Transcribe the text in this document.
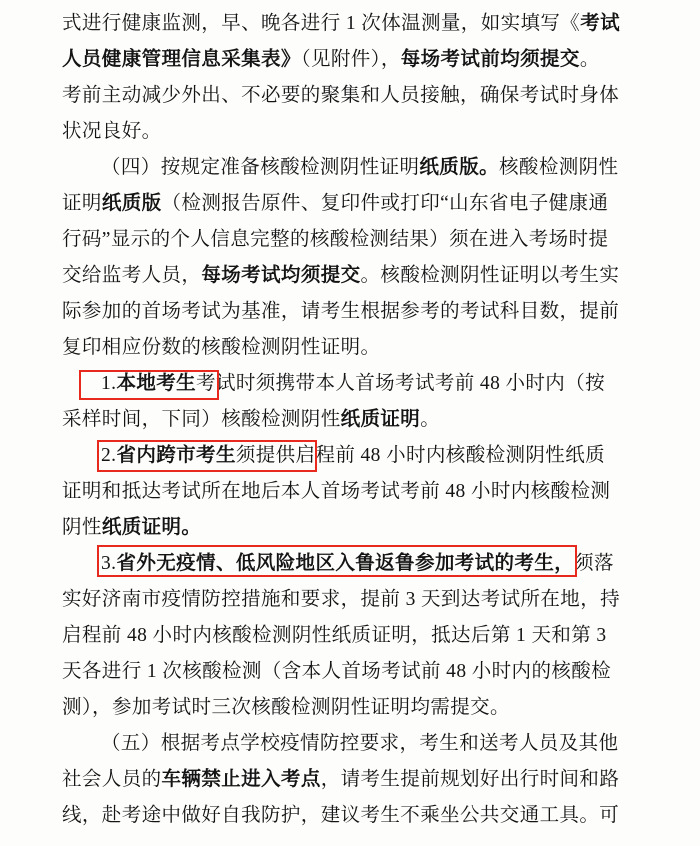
式进行健康监测，早、晚各进行 1 次体温测量，如实填写《考试

人员健康管理信息采集表》（见附件），每场考试前均须提交。

考前主动减少外出、不必要的聚集和人员接触，确保考试时身体

状况良好。

（四）按规定准备核酸检测阴性证明纸质版。核酸检测阴性

证明纸质版（检测报告原件、复印件或打印“山东省电子健康通

行码”显示的个人信息完整的核酸检测结果）须在进入考场时提

交给监考人员，每场考试均须提交。核酸检测阴性证明以考生实

际参加的首场考试为基准，请考生根据参考的考试科目数，提前

复印相应份数的核酸检测阴性证明。

1.本地考生考试时须携带本人首场考试考前 48 小时内（按

采样时间，下同）核酸检测阴性纸质证明。

2.省内跨市考生须提供启程前 48 小时内核酸检测阴性纸质

证明和抵达考试所在地后本人首场考试考前 48 小时内核酸检测

阴性纸质证明。

3.省外无疫情、低风险地区入鲁返鲁参加考试的考生，须落

实好济南市疫情防控措施和要求，提前 3 天到达考试所在地，持

启程前 48 小时内核酸检测阴性纸质证明，抵达后第 1 天和第 3

天各进行 1 次核酸检测（含本人首场考试前 48 小时内的核酸检

测），参加考试时三次核酸检测阴性证明均需提交。

（五）根据考点学校疫情防控要求，考生和送考人员及其他

社会人员的车辆禁止进入考点，请考生提前规划好出行时间和路

线，赴考途中做好自我防护，建议考生不乘坐公共交通工具。可
